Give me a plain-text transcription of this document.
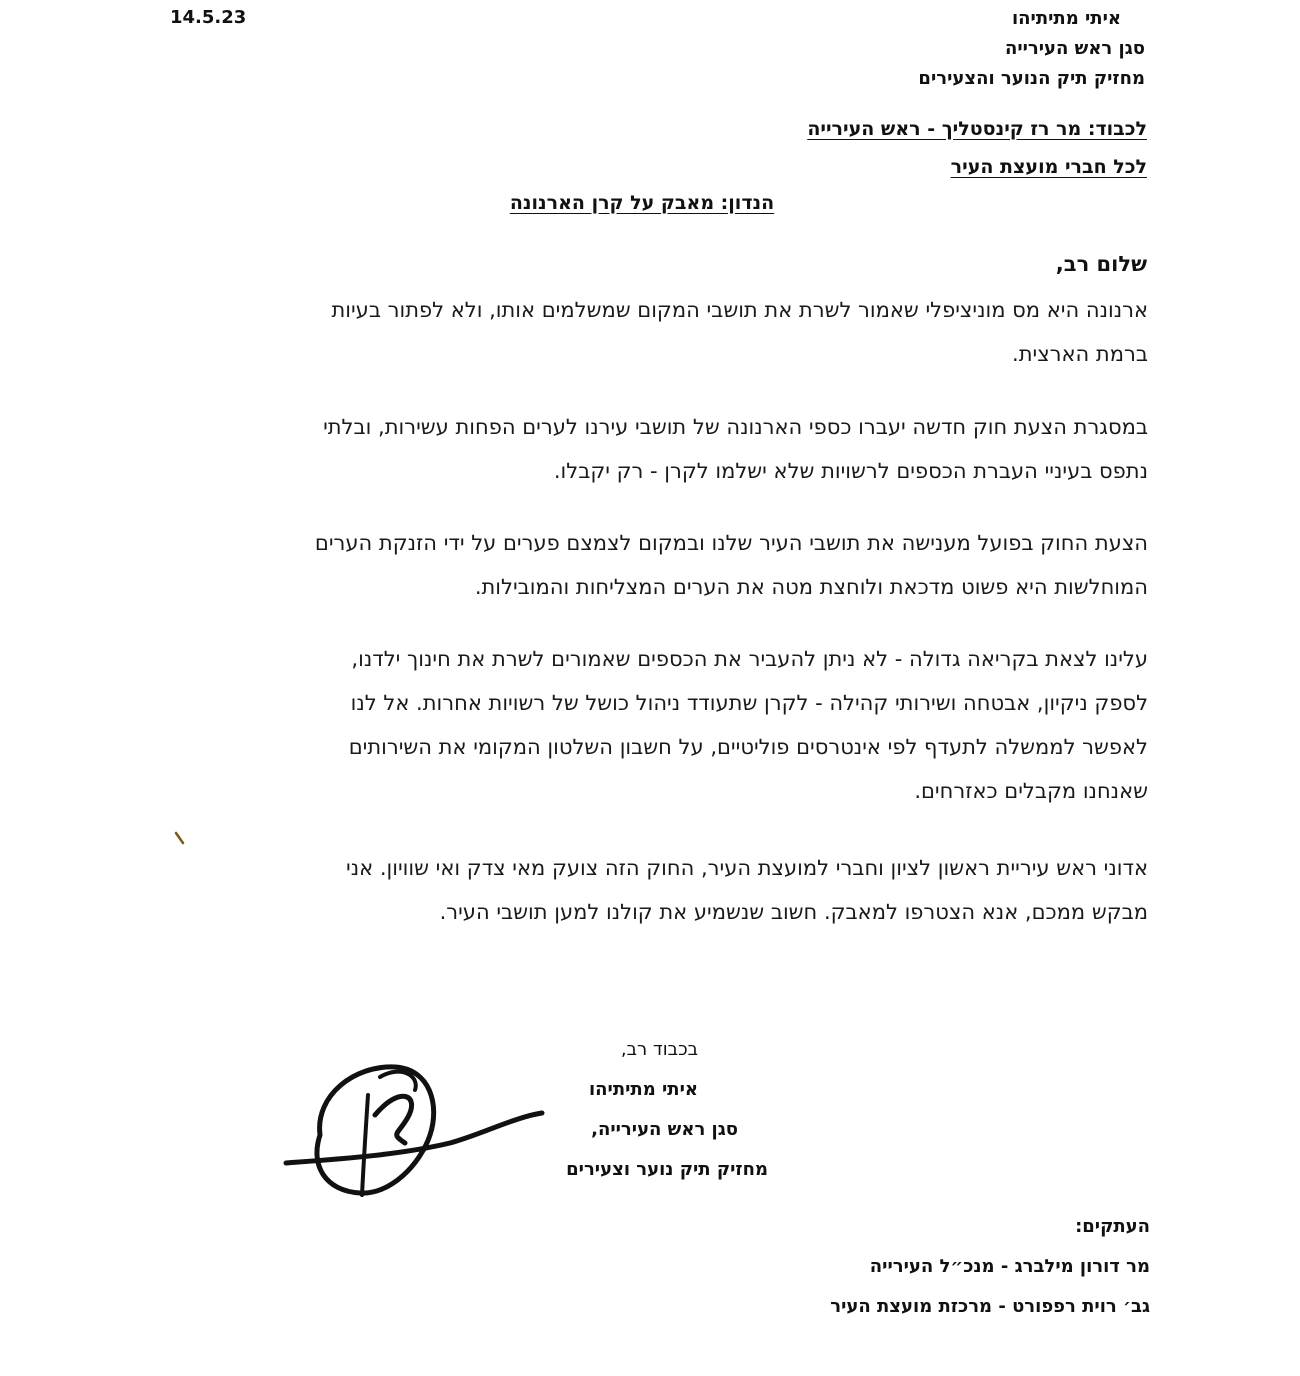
14.5.23	איתי מתיתיהו
סגן ראש העירייה
מחזיק תיק הנוער והצעירים
לכבוד: מר רז קינסטליך - ראש העירייה
לכל חברי מועצת העיר
הנדון: מאבק על קרן הארנונה
שלום רב,
ארנונה היא מס מוניציפלי שאמור לשרת את תושבי המקום שמשלמים אותו, ולא לפתור בעיות
ברמת הארצית.
במסגרת הצעת חוק חדשה יעברו כספי הארנונה של תושבי עירנו לערים הפחות עשירות, ובלתי
נתפס בעיניי העברת הכספים לרשויות שלא ישלמו לקרן - רק יקבלו.
הצעת החוק בפועל מענישה את תושבי העיר שלנו ובמקום לצמצם פערים על ידי הזנקת הערים
המוחלשות היא פשוט מדכאת ולוחצת מטה את הערים המצליחות והמובילות.
עלינו לצאת בקריאה גדולה - לא ניתן להעביר את הכספים שאמורים לשרת את חינוך ילדנו,
לספק ניקיון, אבטחה ושירותי קהילה - לקרן שתעודד ניהול כושל של רשויות אחרות. אל לנו
לאפשר לממשלה לתעדף לפי אינטרסים פוליטיים, על חשבון השלטון המקומי את השירותים
שאנחנו מקבלים כאזרחים.
אדוני ראש עיריית ראשון לציון וחברי למועצת העיר, החוק הזה צועק מאי צדק ואי שוויון. אני
מבקש ממכם, אנא הצטרפו למאבק. חשוב שנשמיע את קולנו למען תושבי העיר.
בכבוד רב,
איתי מתיתיהו
סגן ראש העירייה,
מחזיק תיק נוער וצעירים
העתקים:
מר דורון מילברג - מנכ״ל העירייה
גב׳ רוית רפפורט - מרכזת מועצת העיר
